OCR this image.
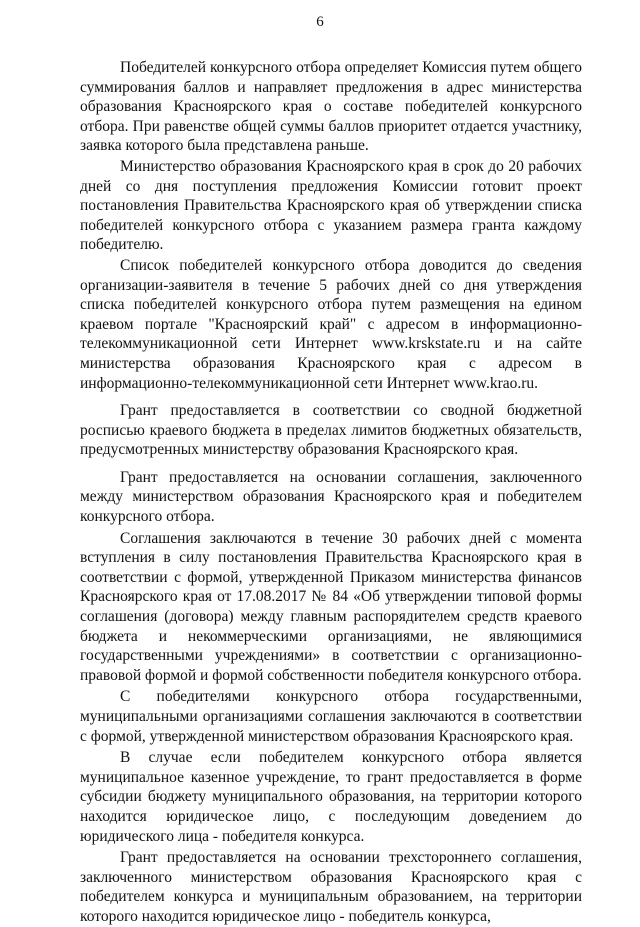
6

Победителей конкурсного отбора определяет Комиссия путем общего суммирования баллов и направляет предложения в адрес министерства образования Красноярского края о составе победителей конкурсного отбора. При равенстве общей суммы баллов приоритет отдается участнику, заявка которого была представлена раньше.

Министерство образования Красноярского края в срок до 20 рабочих дней со дня поступления предложения Комиссии готовит проект постановления Правительства Красноярского края об утверждении списка победителей конкурсного отбора с указанием размера гранта каждому победителю.

Список победителей конкурсного отбора доводится до сведения организации-заявителя в течение 5 рабочих дней со дня утверждения списка победителей конкурсного отбора путем размещения на едином краевом портале "Красноярский край" с адресом в информационно-телекоммуникационной сети Интернет www.krskstate.ru и на сайте министерства образования Красноярского края с адресом в информационно-телекоммуникационной сети Интернет www.krao.ru.

Грант предоставляется в соответствии со сводной бюджетной росписью краевого бюджета в пределах лимитов бюджетных обязательств, предусмотренных министерству образования Красноярского края.

Грант предоставляется на основании соглашения, заключенного между министерством образования Красноярского края и победителем конкурсного отбора.

Соглашения заключаются в течение 30 рабочих дней с момента вступления в силу постановления Правительства Красноярского края в соответствии с формой, утвержденной Приказом министерства финансов Красноярского края от 17.08.2017 № 84 «Об утверждении типовой формы соглашения (договора) между главным распорядителем средств краевого бюджета и некоммерческими организациями, не являющимися государственными учреждениями» в соответствии с организационно-правовой формой и формой собственности победителя конкурсного отбора.

С победителями конкурсного отбора государственными, муниципальными организациями соглашения заключаются в соответствии с формой, утвержденной министерством образования Красноярского края.

В случае если победителем конкурсного отбора является муниципальное казенное учреждение, то грант предоставляется в форме субсидии бюджету муниципального образования, на территории которого находится юридическое лицо, с последующим доведением до юридического лица - победителя конкурса.

Грант предоставляется на основании трехстороннего соглашения, заключенного министерством образования Красноярского края с победителем конкурса и муниципальным образованием, на территории которого находится юридическое лицо - победитель конкурса,
